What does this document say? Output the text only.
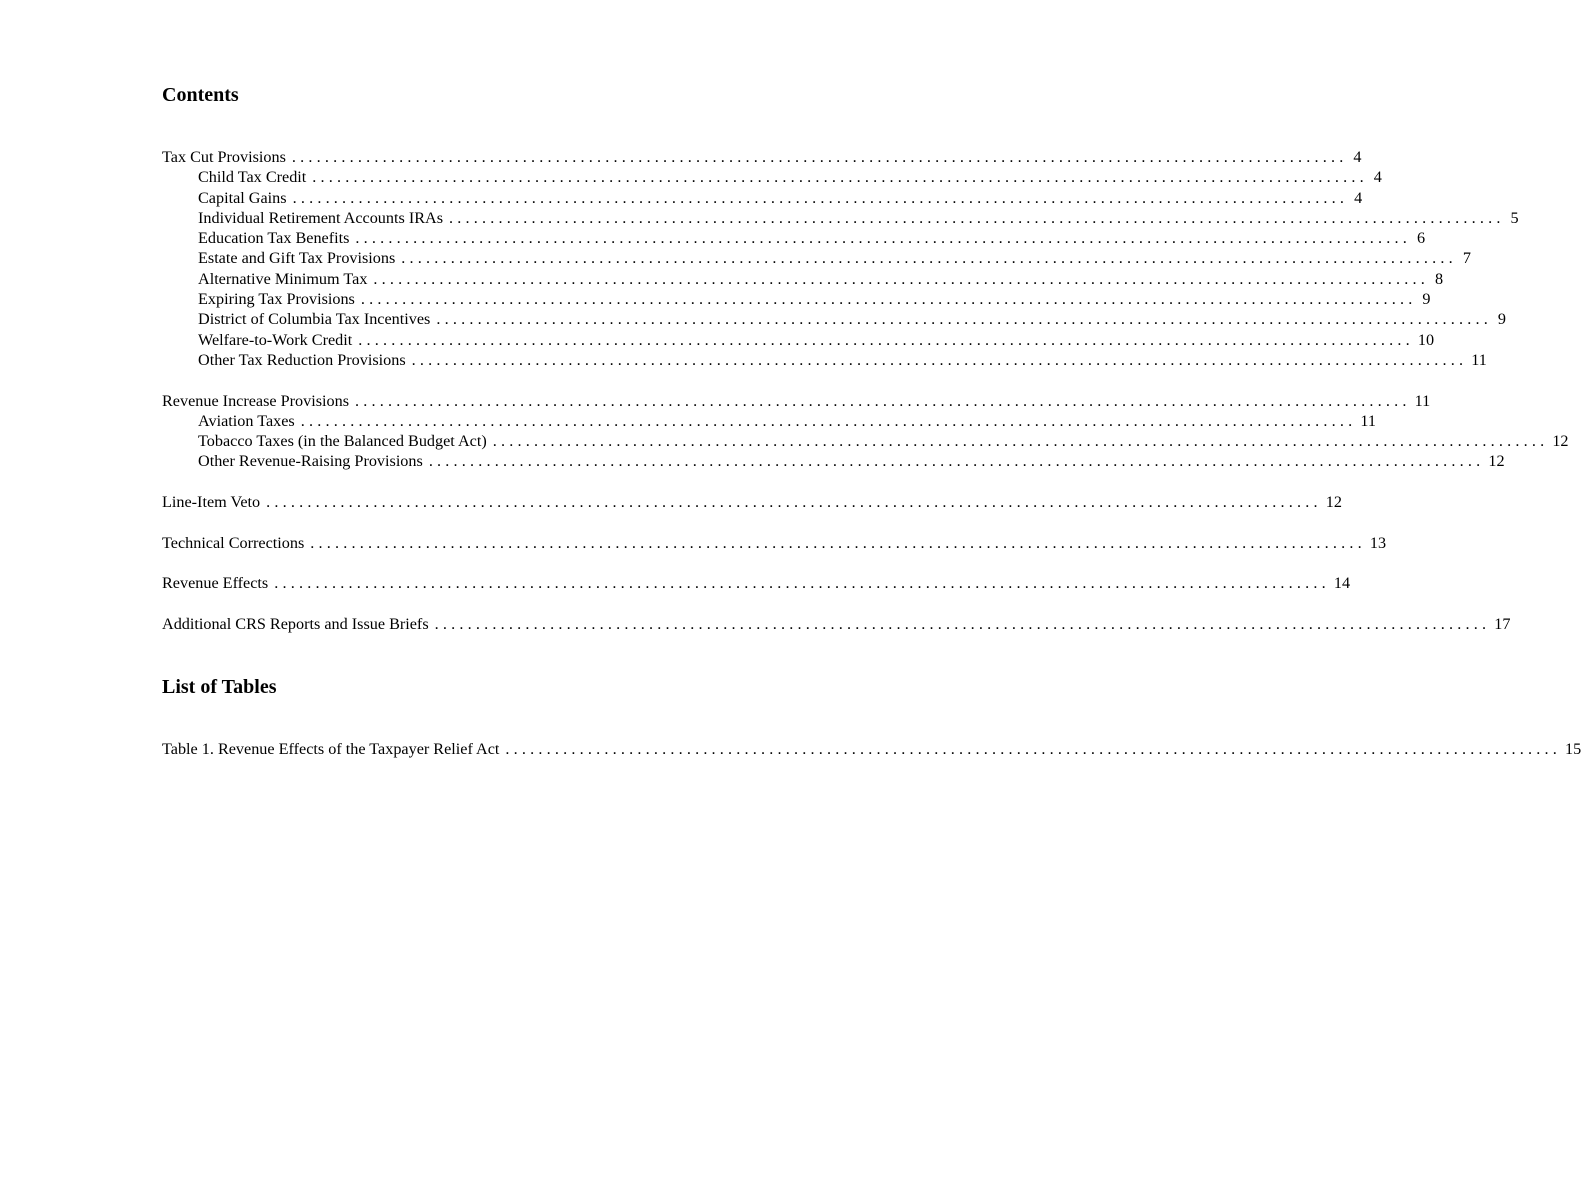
Contents
Tax Cut Provisions ................................................................................................................................ 4
Child Tax Credit ................................................................................................................................ 4
Capital Gains ................................................................................................................................ 4
Individual Retirement Accounts IRAs ................................................................................................................................ 5
Education Tax Benefits ................................................................................................................................ 6
Estate and Gift Tax Provisions ................................................................................................................................ 7
Alternative Minimum Tax ................................................................................................................................ 8
Expiring Tax Provisions ................................................................................................................................ 9
District of Columbia Tax Incentives ................................................................................................................................ 9
Welfare-to-Work Credit ................................................................................................................................ 10
Other Tax Reduction Provisions ................................................................................................................................ 11
Revenue Increase Provisions ................................................................................................................................ 11
Aviation Taxes ................................................................................................................................ 11
Tobacco Taxes (in the Balanced Budget Act) ................................................................................................................................ 12
Other Revenue-Raising Provisions ................................................................................................................................ 12
Line-Item Veto ................................................................................................................................ 12
Technical Corrections ................................................................................................................................ 13
Revenue Effects ................................................................................................................................ 14
Additional CRS Reports and Issue Briefs ................................................................................................................................ 17
List of Tables
Table 1. Revenue Effects of the Taxpayer Relief Act ................................................................................................................................ 15
